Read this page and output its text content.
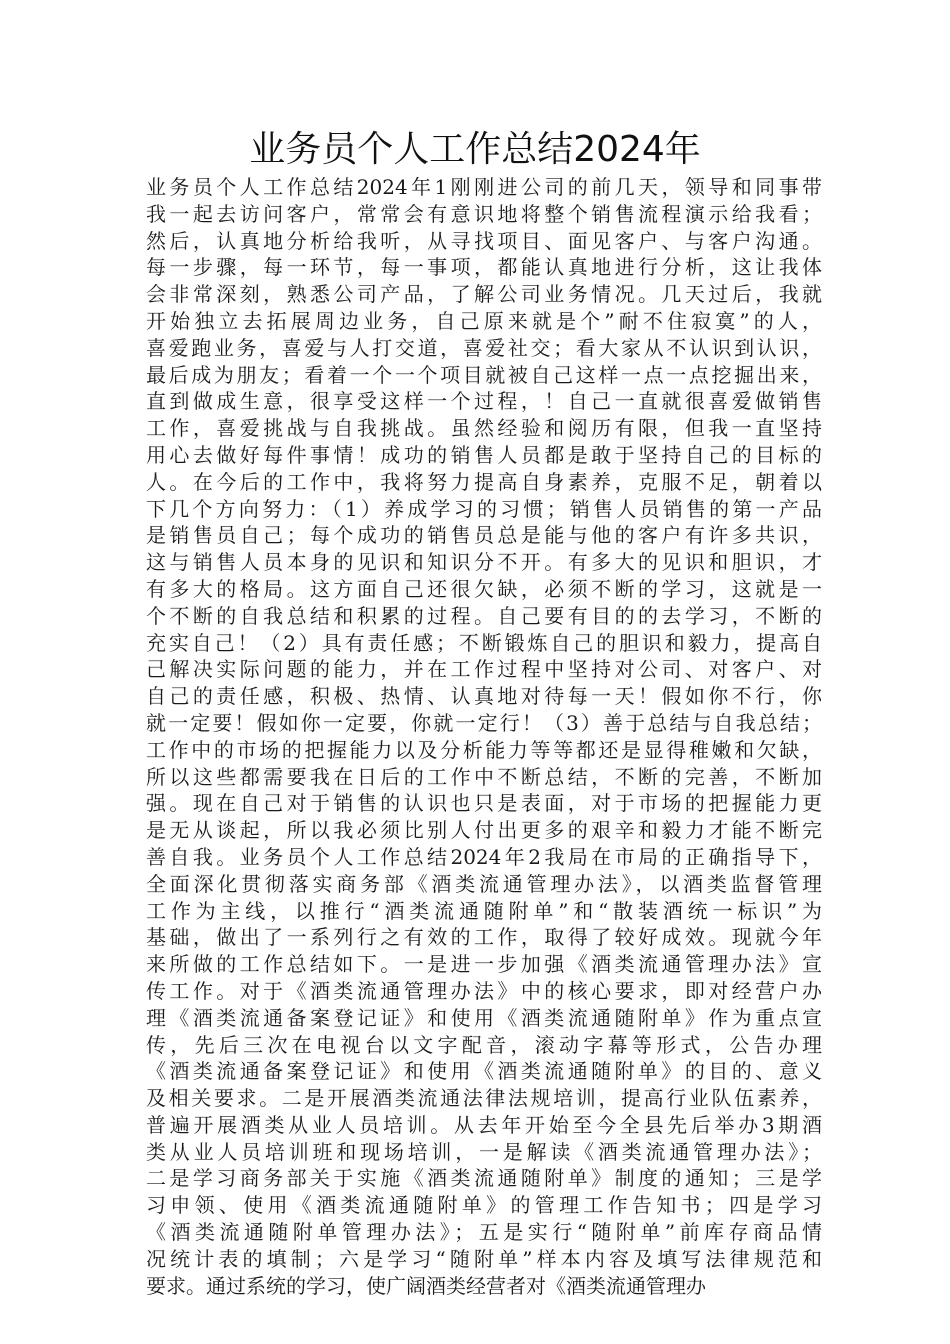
业务员个人工作总结2024年
业务员个人工作总结2024年1刚刚进公司的前几天，领导和同事带
我一起去访问客户，常常会有意识地将整个销售流程演示给我看；
然后，认真地分析给我听，从寻找项目、面见客户、与客户沟通。
每一步骤，每一环节，每一事项，都能认真地进行分析，这让我体
会非常深刻，熟悉公司产品，了解公司业务情况。几天过后，我就
开始独立去拓展周边业务，自己原来就是个”耐不住寂寞”的人，
喜爱跑业务，喜爱与人打交道，喜爱社交；看大家从不认识到认识，
最后成为朋友；看着一个一个项目就被自己这样一点一点挖掘出来，
直到做成生意，很享受这样一个过程，！自己一直就很喜爱做销售
工作，喜爱挑战与自我挑战。虽然经验和阅历有限，但我一直坚持
用心去做好每件事情！成功的销售人员都是敢于坚持自己的目标的
人。在今后的工作中，我将努力提高自身素养，克服不足，朝着以
下几个方向努力：（1）养成学习的习惯；销售人员销售的第一产品
是销售员自己；每个成功的销售员总是能与他的客户有许多共识，
这与销售人员本身的见识和知识分不开。有多大的见识和胆识，才
有多大的格局。这方面自己还很欠缺，必须不断的学习，这就是一
个不断的自我总结和积累的过程。自己要有目的的去学习，不断的
充实自己！（2）具有责任感；不断锻炼自己的胆识和毅力，提高自
己解决实际问题的能力，并在工作过程中坚持对公司、对客户、对
自己的责任感，积极、热情、认真地对待每一天！假如你不行，你
就一定要！假如你一定要，你就一定行！（3）善于总结与自我总结；
工作中的市场的把握能力以及分析能力等等都还是显得稚嫩和欠缺，
所以这些都需要我在日后的工作中不断总结，不断的完善，不断加
强。现在自己对于销售的认识也只是表面，对于市场的把握能力更
是无从谈起，所以我必须比别人付出更多的艰辛和毅力才能不断完
善自我。业务员个人工作总结2024年2我局在市局的正确指导下，
全面深化贯彻落实商务部《酒类流通管理办法》，以酒类监督管理
工作为主线，以推行“酒类流通随附单”和“散装酒统一标识”为
基础，做出了一系列行之有效的工作，取得了较好成效。现就今年
来所做的工作总结如下。一是进一步加强《酒类流通管理办法》宣
传工作。对于《酒类流通管理办法》中的核心要求，即对经营户办
理《酒类流通备案登记证》和使用《酒类流通随附单》作为重点宣
传，先后三次在电视台以文字配音，滚动字幕等形式，公告办理
《酒类流通备案登记证》和使用《酒类流通随附单》的目的、意义
及相关要求。二是开展酒类流通法律法规培训，提高行业队伍素养，
普遍开展酒类从业人员培训。从去年开始至今全县先后举办3期酒
类从业人员培训班和现场培训，一是解读《酒类流通管理办法》；
二是学习商务部关于实施《酒类流通随附单》制度的通知；三是学
习申领、使用《酒类流通随附单》的管理工作告知书；四是学习
《酒类流通随附单管理办法》；五是实行“随附单”前库存商品情
况统计表的填制；六是学习“随附单”样本内容及填写法律规范和
要求。通过系统的学习，使广阔酒类经营者对《酒类流通管理办
